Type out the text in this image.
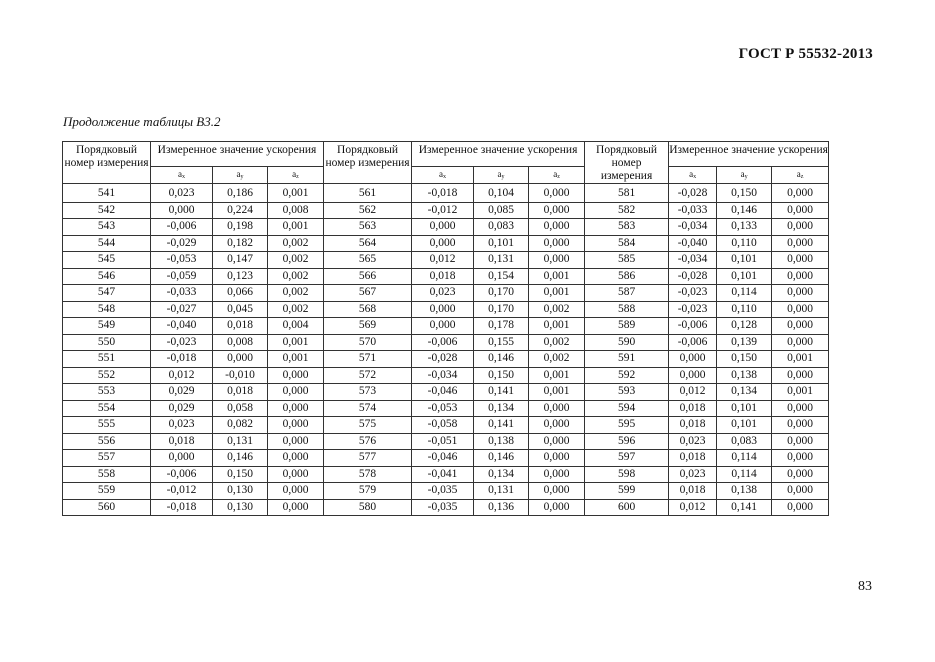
ГОСТ Р 55532-2013
Продолжение таблицы В3.2
Порядковый номер измерения	Измеренное значение ускорения			Порядковый номер измерения	Измеренное значение ускорения			Порядковый номер измерения	Измеренное значение ускорения		
	$a_x$	$a_y$	$a_z$		$a_x$	$a_y$	$a_z$		$a_x$	$a_y$	$a_z$
541	0,023	0,186	0,001	561	-0,018	0,104	0,000	581	-0,028	0,150	0,000
542	0,000	0,224	0,008	562	-0,012	0,085	0,000	582	-0,033	0,146	0,000
543	-0,006	0,198	0,001	563	0,000	0,083	0,000	583	-0,034	0,133	0,000
544	-0,029	0,182	0,002	564	0,000	0,101	0,000	584	-0,040	0,110	0,000
545	-0,053	0,147	0,002	565	0,012	0,131	0,000	585	-0,034	0,101	0,000
546	-0,059	0,123	0,002	566	0,018	0,154	0,001	586	-0,028	0,101	0,000
547	-0,033	0,066	0,002	567	0,023	0,170	0,001	587	-0,023	0,114	0,000
548	-0,027	0,045	0,002	568	0,000	0,170	0,002	588	-0,023	0,110	0,000
549	-0,040	0,018	0,004	569	0,000	0,178	0,001	589	-0,006	0,128	0,000
550	-0,023	0,008	0,001	570	-0,006	0,155	0,002	590	-0,006	0,139	0,000
551	-0,018	0,000	0,001	571	-0,028	0,146	0,002	591	0,000	0,150	0,001
552	0,012	-0,010	0,000	572	-0,034	0,150	0,001	592	0,000	0,138	0,000
553	0,029	0,018	0,000	573	-0,046	0,141	0,001	593	0,012	0,134	0,001
554	0,029	0,058	0,000	574	-0,053	0,134	0,000	594	0,018	0,101	0,000
555	0,023	0,082	0,000	575	-0,058	0,141	0,000	595	0,018	0,101	0,000
556	0,018	0,131	0,000	576	-0,051	0,138	0,000	596	0,023	0,083	0,000
557	0,000	0,146	0,000	577	-0,046	0,146	0,000	597	0,018	0,114	0,000
558	-0,006	0,150	0,000	578	-0,041	0,134	0,000	598	0,023	0,114	0,000
559	-0,012	0,130	0,000	579	-0,035	0,131	0,000	599	0,018	0,138	0,000
560	-0,018	0,130	0,000	580	-0,035	0,136	0,000	600	0,012	0,141	0,000
83
